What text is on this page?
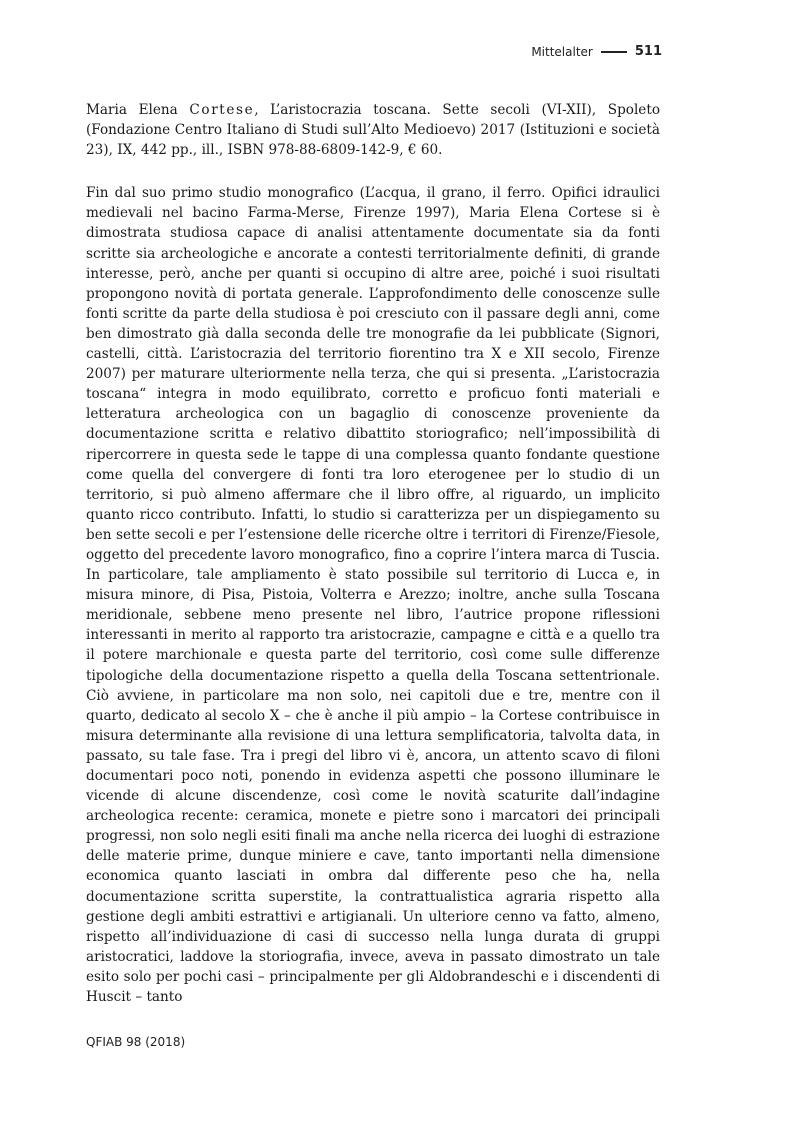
Mittelalter	511

Maria Elena Cortese, L’aristocrazia toscana. Sette secoli (VI-XII), Spoleto (Fondazione Centro Italiano di Studi sull’Alto Medioevo) 2017 (Istituzioni e società 23), IX, 442 pp., ill., ISBN 978-88-6809-142-9, € 60.

Fin dal suo primo studio monografico (L’acqua, il grano, il ferro. Opifici idraulici medievali nel bacino Farma-Merse, Firenze 1997), Maria Elena Cortese si è dimostrata studiosa capace di analisi attentamente documentate sia da fonti scritte sia archeologiche e ancorate a contesti territorialmente definiti, di grande interesse, però, anche per quanti si occupino di altre aree, poiché i suoi risultati propongono novità di portata generale. L’approfondimento delle conoscenze sulle fonti scritte da parte della studiosa è poi cresciuto con il passare degli anni, come ben dimostrato già dalla seconda delle tre monografie da lei pubblicate (Signori, castelli, città. L’aristocrazia del territorio fiorentino tra X e XII secolo, Firenze 2007) per maturare ulteriormente nella terza, che qui si presenta. „L’aristocrazia toscana“ integra in modo equilibrato, corretto e proficuo fonti materiali e letteratura archeologica con un bagaglio di conoscenze proveniente da documentazione scritta e relativo dibattito storiografico; nell’impossibilità di ripercorrere in questa sede le tappe di una complessa quanto fondante questione come quella del convergere di fonti tra loro eterogenee per lo studio di un territorio, si può almeno affermare che il libro offre, al riguardo, un implicito quanto ricco contributo. Infatti, lo studio si caratterizza per un dispiegamento su ben sette secoli e per l’estensione delle ricerche oltre i territori di Firenze/Fiesole, oggetto del precedente lavoro monografico, fino a coprire l’intera marca di Tuscia. In particolare, tale ampliamento è stato possibile sul territorio di Lucca e, in misura minore, di Pisa, Pistoia, Volterra e Arezzo; inoltre, anche sulla Toscana meridionale, sebbene meno presente nel libro, l’autrice propone riflessioni interessanti in merito al rapporto tra aristocrazie, campagne e città e a quello tra il potere marchionale e questa parte del territorio, così come sulle differenze tipologiche della documentazione rispetto a quella della Toscana settentrionale. Ciò avviene, in particolare ma non solo, nei capitoli due e tre, mentre con il quarto, dedicato al secolo X – che è anche il più ampio – la Cortese contribuisce in misura determinante alla revisione di una lettura semplificatoria, talvolta data, in passato, su tale fase. Tra i pregi del libro vi è, ancora, un attento scavo di filoni documentari poco noti, ponendo in evidenza aspetti che possono illuminare le vicende di alcune discendenze, così come le novità scaturite dall’indagine archeologica recente: ceramica, monete e pietre sono i marcatori dei principali progressi, non solo negli esiti finali ma anche nella ricerca dei luoghi di estrazione delle materie prime, dunque miniere e cave, tanto importanti nella dimensione economica quanto lasciati in ombra dal differente peso che ha, nella documentazione scritta superstite, la contrattualistica agraria rispetto alla gestione degli ambiti estrattivi e artigianali. Un ulteriore cenno va fatto, almeno, rispetto all’individuazione di casi di successo nella lunga durata di gruppi aristocratici, laddove la storiografia, invece, aveva in passato dimostrato un tale esito solo per pochi casi – principalmente per gli Aldobrandeschi e i discendenti di Huscit – tanto

QFIAB 98 (2018)
